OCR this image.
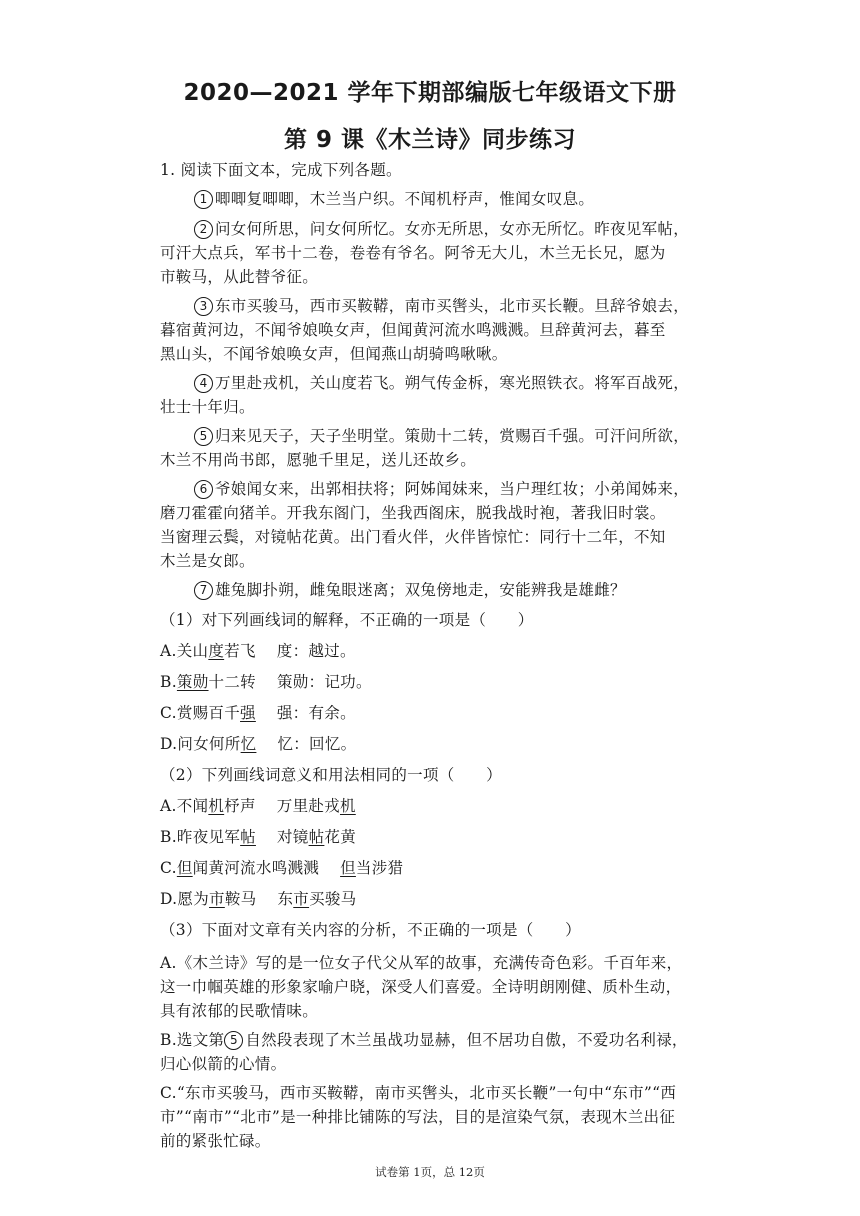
2020—2021 学年下期部编版七年级语文下册
第 9 课《木兰诗》同步练习

1. 阅读下面文本，完成下列各题。

1 唧唧复唧唧，木兰当户织。不闻机杼声，惟闻女叹息。

2 问女何所思，问女何所忆。女亦无所思，女亦无所忆。昨夜见军帖，

可汗大点兵，军书十二卷，卷卷有爷名。阿爷无大儿，木兰无长兄，愿为

市鞍马，从此替爷征。

3 东市买骏马，西市买鞍鞯，南市买辔头，北市买长鞭。旦辞爷娘去，

暮宿黄河边，不闻爷娘唤女声，但闻黄河流水鸣溅溅。旦辞黄河去，暮至

黑山头，不闻爷娘唤女声，但闻燕山胡骑鸣啾啾。

4 万里赴戎机，关山度若飞。朔气传金柝，寒光照铁衣。将军百战死，

壮士十年归。

5 归来见天子，天子坐明堂。策勋十二转，赏赐百千强。可汗问所欲，

木兰不用尚书郎，愿驰千里足，送儿还故乡。

6 爷娘闻女来，出郭相扶将；阿姊闻妹来，当户理红妆；小弟闻姊来，

磨刀霍霍向猪羊。开我东阁门，坐我西阁床，脱我战时袍，著我旧时裳。

当窗理云鬓，对镜帖花黄。出门看火伴，火伴皆惊忙：同行十二年，不知

木兰是女郎。

7 雄兔脚扑朔，雌兔眼迷离；双兔傍地走，安能辨我是雄雌？

（1）对下列画线词的解释，不正确的一项是（　　）

A.关山度若飞　 度：越过。

B.策勋十二转　 策勋：记功。

C.赏赐百千强　 强：有余。

D.问女何所忆　 忆：回忆。

（2）下列画线词意义和用法相同的一项（　　）

A.不闻机杼声　 万里赴戎机

B.昨夜见军帖　 对镜帖花黄

C.但闻黄河流水鸣溅溅　 但当涉猎

D.愿为市鞍马　 东市买骏马

（3）下面对文章有关内容的分析，不正确的一项是（　　）

A.《木兰诗》写的是一位女子代父从军的故事，充满传奇色彩。千百年来，

这一巾帼英雄的形象家喻户晓，深受人们喜爱。全诗明朗刚健、质朴生动，

具有浓郁的民歌情味。

B.选文第 5 自然段表现了木兰虽战功显赫，但不居功自傲，不爱功名利禄，

归心似箭的心情。

C.“东市买骏马，西市买鞍鞯，南市买辔头，北市买长鞭”一句中“东市”“西

市”“南市”“北市”是一种排比铺陈的写法，目的是渲染气氛，表现木兰出征

前的紧张忙碌。

试卷第 1页，总 12页
